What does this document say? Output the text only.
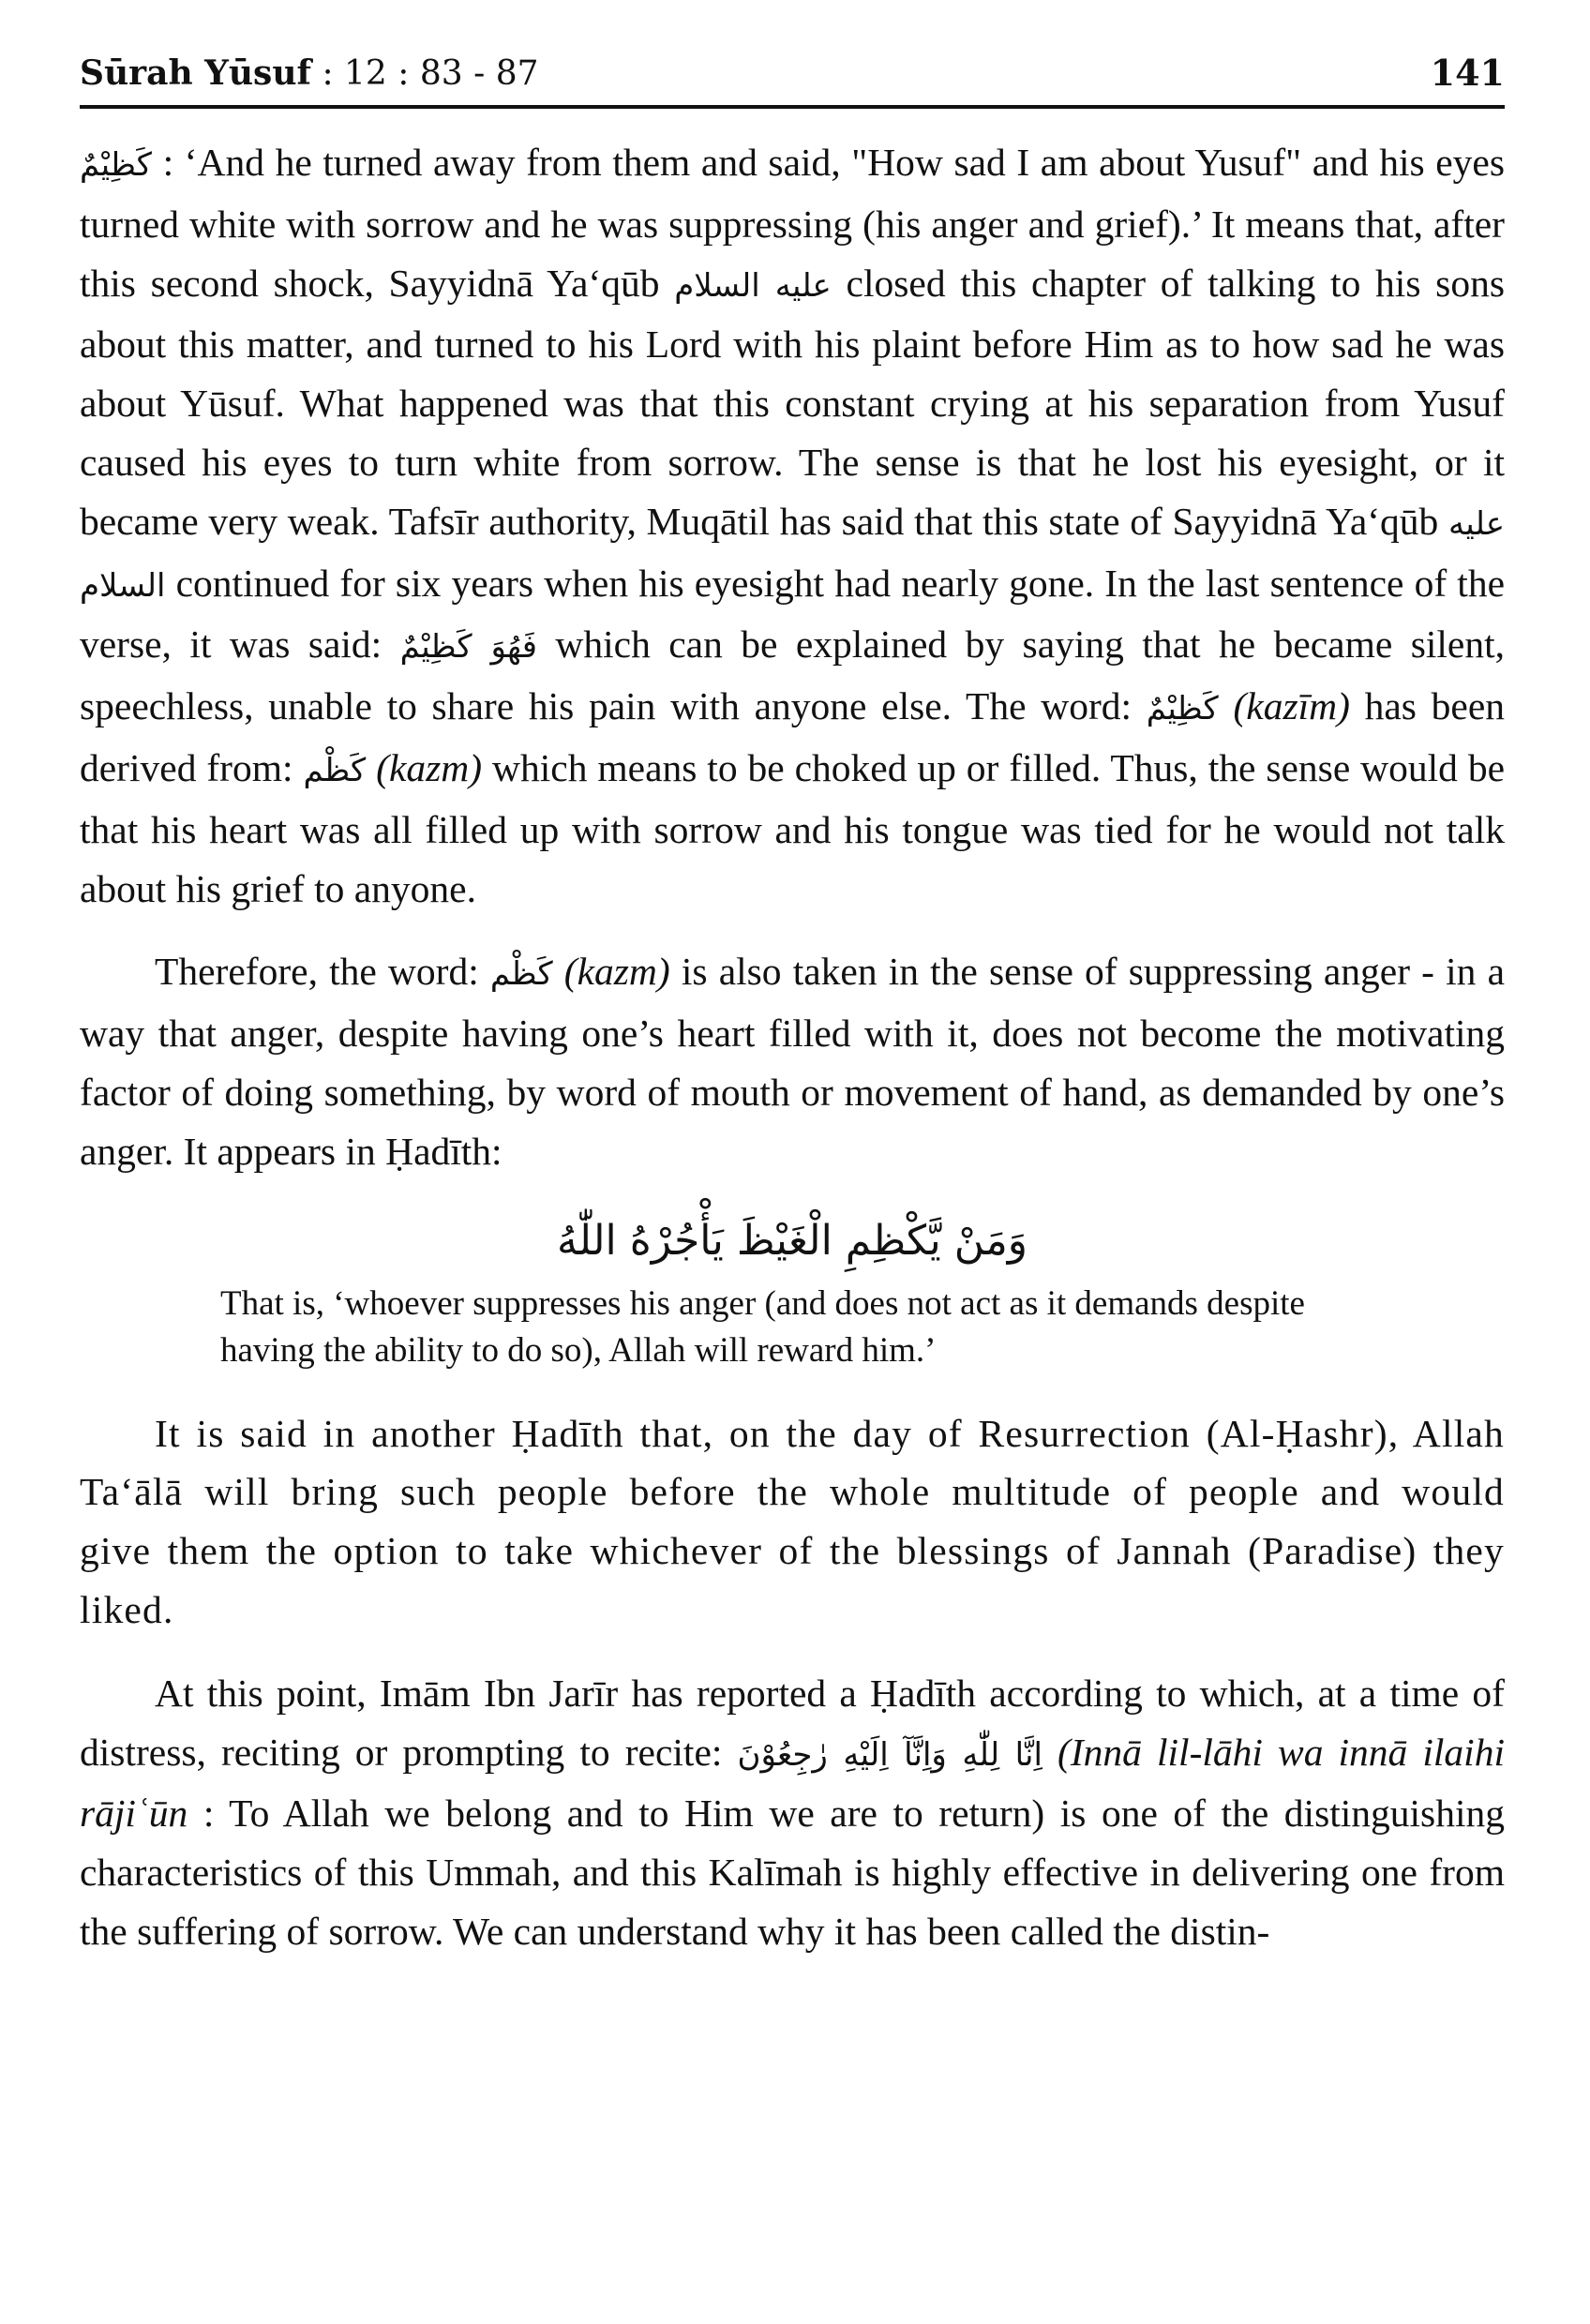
Sūrah Yūsuf : 12 : 83 - 87	141

كَظِيْمٌ : ‘And he turned away from them and said, "How sad I am about Yusuf" and his eyes turned white with sorrow and he was suppressing (his anger and grief).’ It means that, after this second shock, Sayyidnā Ya‘qūb عليه السلام closed this chapter of talking to his sons about this matter, and turned to his Lord with his plaint before Him as to how sad he was about Yūsuf. What happened was that this constant crying at his separation from Yusuf caused his eyes to turn white from sorrow. The sense is that he lost his eyesight, or it became very weak. Tafsīr authority, Muqātil has said that this state of Sayyidnā Ya‘qūb عليه السلام continued for six years when his eyesight had nearly gone. In the last sentence of the verse, it was said: فَهُوَ كَظِيْمٌ which can be explained by saying that he became silent, speechless, unable to share his pain with anyone else. The word: كَظِيْمٌ (kazīm) has been derived from: كَظْم (kazm) which means to be choked up or filled. Thus, the sense would be that his heart was all filled up with sorrow and his tongue was tied for he would not talk about his grief to anyone.

Therefore, the word: كَظْم (kazm) is also taken in the sense of suppressing anger - in a way that anger, despite having one’s heart filled with it, does not become the motivating factor of doing something, by word of mouth or movement of hand, as demanded by one’s anger. It appears in Ḥadīth:

وَمَنْ يَّكْظِمِ الْغَيْظَ يَأْجُرْهُ اللّٰهُ
That is, ‘whoever suppresses his anger (and does not act as it demands despite having the ability to do so), Allah will reward him.’

It is said in another Ḥadīth that, on the day of Resurrection (Al-Ḥashr), Allah Ta‘ālā will bring such people before the whole multitude of people and would give them the option to take whichever of the blessings of Jannah (Paradise) they liked.

At this point, Imām Ibn Jarīr has reported a Ḥadīth according to which, at a time of distress, reciting or prompting to recite: اِنَّا لِلّٰهِ وَاِنَّآ اِلَيْهِ رٰجِعُوْنَ (Innā lil-lāhi wa innā ilaihi rājiʿūn : To Allah we belong and to Him we are to return) is one of the distinguishing characteristics of this Ummah, and this Kalīmah is highly effective in delivering one from the suffering of sorrow. We can understand why it has been called the distin-
